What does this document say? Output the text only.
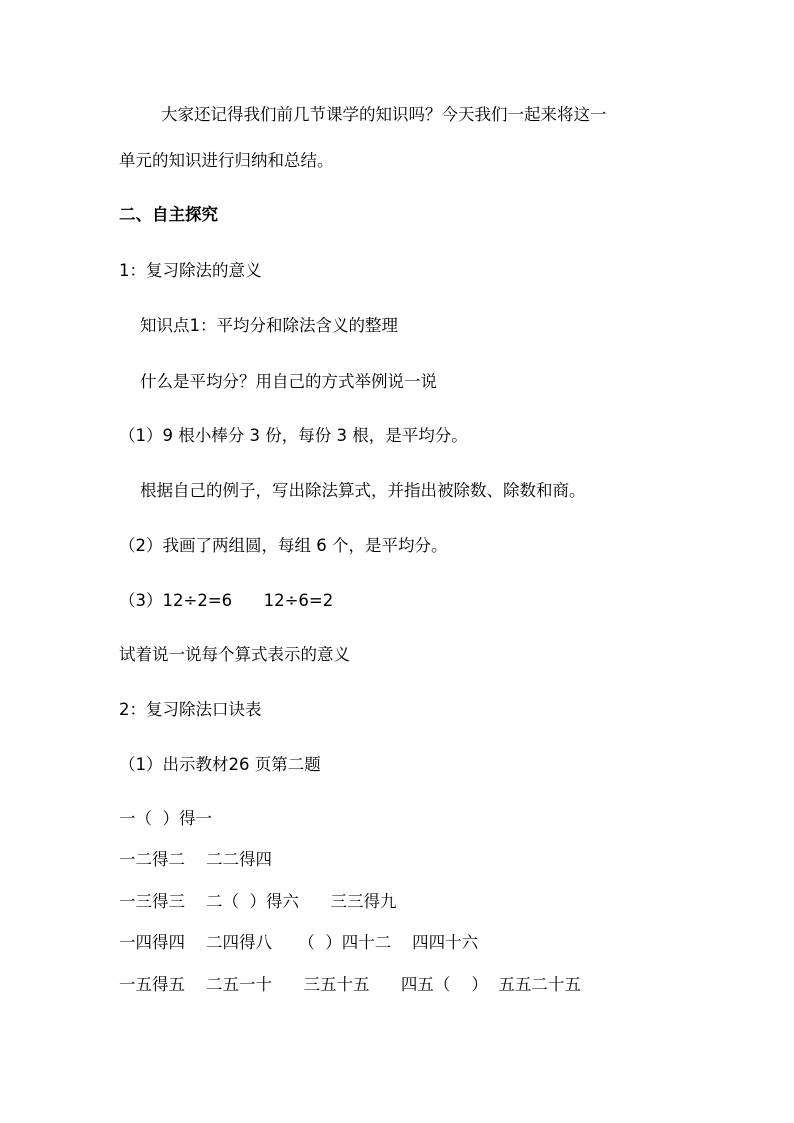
大家还记得我们前几节课学的知识吗？今天我们一起来将这一
单元的知识进行归纳和总结。
二、自主探究
1：复习除法的意义
知识点1：平均分和除法含义的整理
什么是平均分？用自己的方式举例说一说
（1）9 根小棒分 3 份，每份 3 根，是平均分。
根据自己的例子，写出除法算式，并指出被除数、除数和商。
（2）我画了两组圆，每组 6 个，是平均分。
（3）12÷2=6      12÷6=2
试着说一说每个算式表示的意义
2：复习除法口诀表
（1）出示教材26 页第二题
一（  ）得一
一二得二    二二得四
一三得三    二（  ）得六      三三得九
一四得四    二四得八     （  ）四十二    四四十六
一五得五    二五一十      三五十五      四五（    ）  五五二十五
